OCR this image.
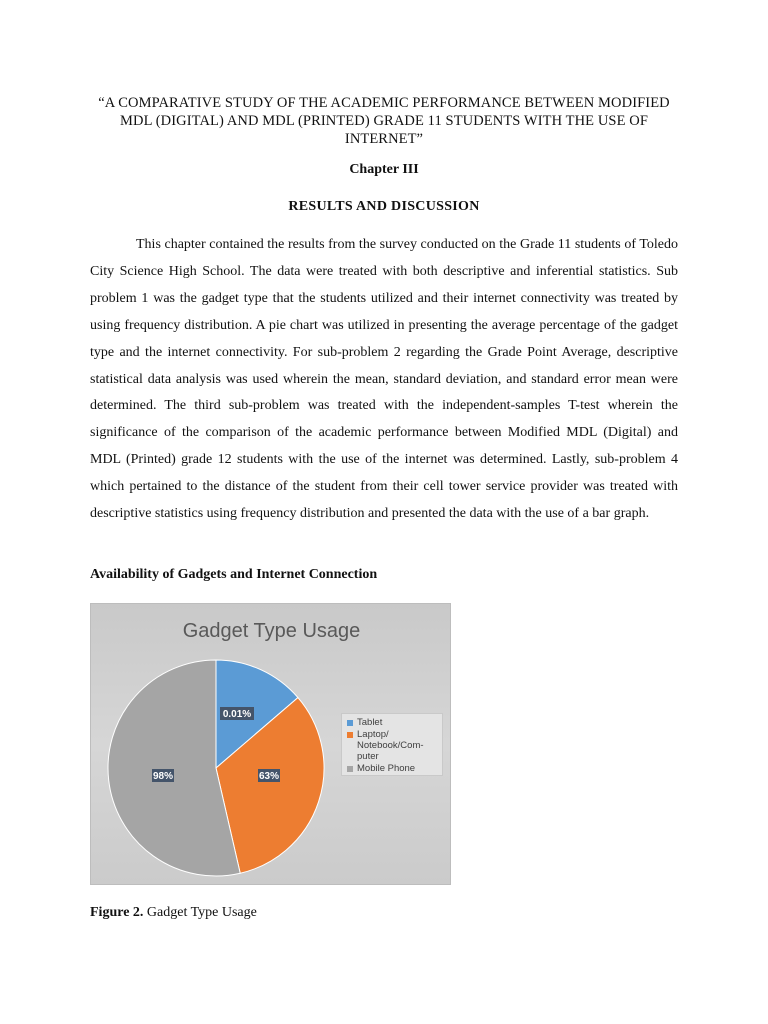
“A COMPARATIVE STUDY OF THE ACADEMIC PERFORMANCE BETWEEN MODIFIED MDL (DIGITAL) AND MDL (PRINTED) GRADE 11 STUDENTS WITH THE USE OF INTERNET”
Chapter III
RESULTS AND DISCUSSION

This chapter contained the results from the survey conducted on the Grade 11 students of Toledo City Science High School. The data were treated with both descriptive and inferential statistics. Sub problem 1 was the gadget type that the students utilized and their internet connectivity was treated by using frequency distribution. A pie chart was utilized in presenting the average percentage of the gadget type and the internet connectivity. For sub-problem 2 regarding the Grade Point Average, descriptive statistical data analysis was used wherein the mean, standard deviation, and standard error mean were determined. The third sub-problem was treated with the independent-samples T-test wherein the significance of the comparison of the academic performance between Modified MDL (Digital) and MDL (Printed) grade 12 students with the use of the internet was determined. Lastly, sub-problem 4 which pertained to the distance of the student from their cell tower service provider was treated with descriptive statistics using frequency distribution and presented the data with the use of a bar graph.

Availability of Gadgets and Internet Connection
Gadget Type Usage
0.01%
63%
98%
Tablet
Laptop/ Notebook/Com- puter
Mobile Phone
Figure 2. Gadget Type Usage
